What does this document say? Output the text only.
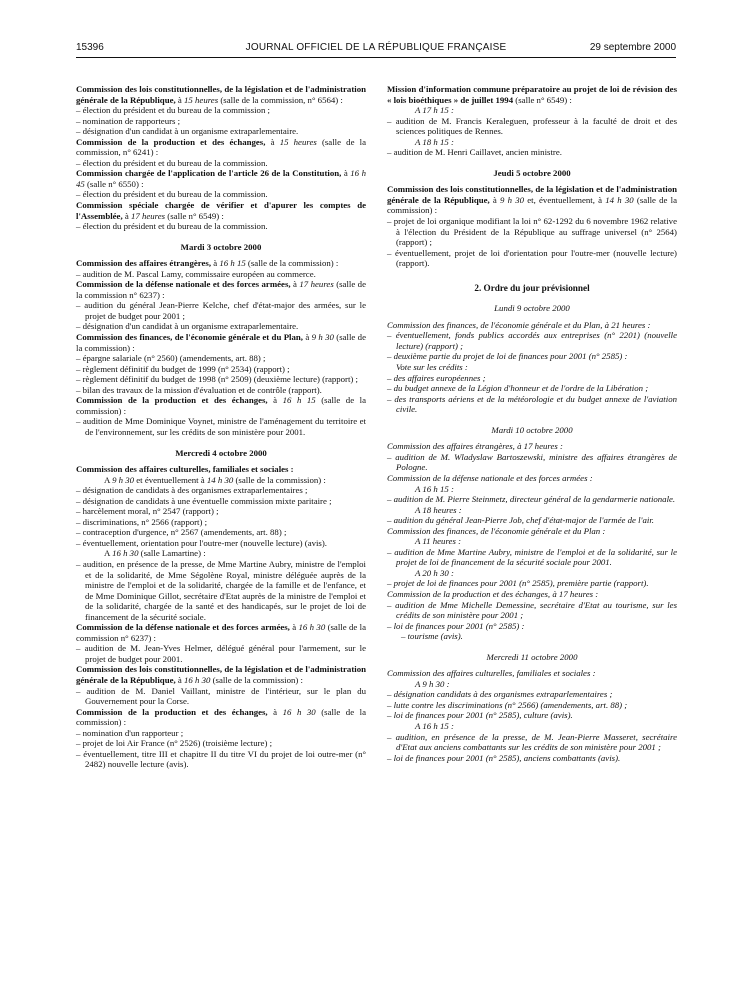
15396	JOURNAL OFFICIEL DE LA RÉPUBLIQUE FRANÇAISE	29 septembre 2000

Commission des lois constitutionnelles, de la législation et de l'administration générale de la République, à 15 heures (salle de la commission, n° 6564) :

– élection du président et du bureau de la commission ;
– nomination de rapporteurs ;
– désignation d'un candidat à un organisme extraparlementaire.

Commission de la production et des échanges, à 15 heures (salle de la commission, n° 6241) :

– élection du président et du bureau de la commission.

Commission chargée de l'application de l'article 26 de la Constitution, à 16 h 45 (salle n° 6550) :

– élection du président et du bureau de la commission.

Commission spéciale chargée de vérifier et d'apurer les comptes de l'Assemblée, à 17 heures (salle n° 6549) :

– élection du président et du bureau de la commission.
Mardi 3 octobre 2000

Commission des affaires étrangères, à 16 h 15 (salle de la commission) :

– audition de M. Pascal Lamy, commissaire européen au commerce.

Commission de la défense nationale et des forces armées, à 17 heures (salle de la commission n° 6237) :

– audition du général Jean-Pierre Kelche, chef d'état-major des armées, sur le projet de budget pour 2001 ;
– désignation d'un candidat à un organisme extraparlementaire.

Commission des finances, de l'économie générale et du Plan, à 9 h 30 (salle de la commission) :

– épargne salariale (n° 2560) (amendements, art. 88) ;
– règlement définitif du budget de 1999 (n° 2534) (rapport) ;
– règlement définitif du budget de 1998 (n° 2509) (deuxième lecture) (rapport) ;
– bilan des travaux de la mission d'évaluation et de contrôle (rapport).

Commission de la production et des échanges, à 16 h 15 (salle de la commission) :

– audition de Mme Dominique Voynet, ministre de l'aménagement du territoire et de l'environnement, sur les crédits de son ministère pour 2001.
Mercredi 4 octobre 2000

Commission des affaires culturelles, familiales et sociales :

A 9 h 30 et éventuellement à 14 h 30 (salle de la commission) :

– désignation de candidats à des organismes extraparlementaires ;
– désignation de candidats à une éventuelle commission mixte paritaire ;
– harcèlement moral, n° 2547 (rapport) ;
– discriminations, n° 2566 (rapport) ;
– contraception d'urgence, n° 2567 (amendements, art. 88) ;
– éventuellement, orientation pour l'outre-mer (nouvelle lecture) (avis).

A 16 h 30 (salle Lamartine) :

– audition, en présence de la presse, de Mme Martine Aubry, ministre de l'emploi et de la solidarité, de Mme Ségolène Royal, ministre déléguée auprès de la ministre de l'emploi et de la solidarité, chargée de la famille et de l'enfance, et de Mme Dominique Gillot, secrétaire d'Etat auprès de la ministre de l'emploi et de la solidarité, chargée de la santé et des handicapés, sur le projet de loi de financement de la sécurité sociale.

Commission de la défense nationale et des forces armées, à 16 h 30 (salle de la commission n° 6237) :

– audition de M. Jean-Yves Helmer, délégué général pour l'armement, sur le projet de budget pour 2001.

Commission des lois constitutionnelles, de la législation et de l'administration générale de la République, à 16 h 30 (salle de la commission) :

– audition de M. Daniel Vaillant, ministre de l'intérieur, sur le plan du Gouvernement pour la Corse.

Commission de la production et des échanges, à 16 h 30 (salle de la commission) :

– nomination d'un rapporteur ;
– projet de loi Air France (n° 2526) (troisième lecture) ;
– éventuellement, titre III et chapitre II du titre VI du projet de loi outre-mer (n° 2482) nouvelle lecture (avis).

Mission d'information commune préparatoire au projet de loi de révision des « lois bioéthiques » de juillet 1994 (salle n° 6549) :

A 17 h 15 :

– audition de M. Francis Keraleguen, professeur à la faculté de droit et des sciences politiques de Rennes.

A 18 h 15 :

– audition de M. Henri Caillavet, ancien ministre.
Jeudi 5 octobre 2000

Commission des lois constitutionnelles, de la législation et de l'administration générale de la République, à 9 h 30 et, éventuellement, à 14 h 30 (salle de la commission) :

– projet de loi organique modifiant la loi n° 62-1292 du 6 novembre 1962 relative à l'élection du Président de la République au suffrage universel (n° 2564) (rapport) ;
– éventuellement, projet de loi d'orientation pour l'outre-mer (nouvelle lecture) (rapport).
2. Ordre du jour prévisionnel
Lundi 9 octobre 2000

Commission des finances, de l'économie générale et du Plan, à 21 heures :

– éventuellement, fonds publics accordés aux entreprises (n° 2201) (nouvelle lecture) (rapport) ;
– deuxième partie du projet de loi de finances pour 2001 (n° 2585) :

Vote sur les crédits :

– des affaires européennes ;
– du budget annexe de la Légion d'honneur et de l'ordre de la Libération ;
– des transports aériens et de la météorologie et du budget annexe de l'aviation civile.
Mardi 10 octobre 2000

Commission des affaires étrangères, à 17 heures :

– audition de M. Wladyslaw Bartoszewski, ministre des affaires étrangères de Pologne.

Commission de la défense nationale et des forces armées :

A 16 h 15 :

– audition de M. Pierre Steinmetz, directeur général de la gendarmerie nationale.

A 18 heures :

– audition du général Jean-Pierre Job, chef d'état-major de l'armée de l'air.

Commission des finances, de l'économie générale et du Plan :

A 11 heures :

– audition de Mme Martine Aubry, ministre de l'emploi et de la solidarité, sur le projet de loi de financement de la sécurité sociale pour 2001.

A 20 h 30 :

– projet de loi de finances pour 2001 (n° 2585), première partie (rapport).

Commission de la production et des échanges, à 17 heures :

– audition de Mme Michelle Demessine, secrétaire d'Etat au tourisme, sur les crédits de son ministère pour 2001 ;
– loi de finances pour 2001 (n° 2585) :
– tourisme (avis).
Mercredi 11 octobre 2000

Commission des affaires culturelles, familiales et sociales :

A 9 h 30 :

– désignation candidats à des organismes extraparlementaires ;
– lutte contre les discriminations (n° 2566) (amendements, art. 88) ;
– loi de finances pour 2001 (n° 2585), culture (avis).

A 16 h 15 :

– audition, en présence de la presse, de M. Jean-Pierre Masseret, secrétaire d'Etat aux anciens combattants sur les crédits de son ministère pour 2001 ;
– loi de finances pour 2001 (n° 2585), anciens combattants (avis).
